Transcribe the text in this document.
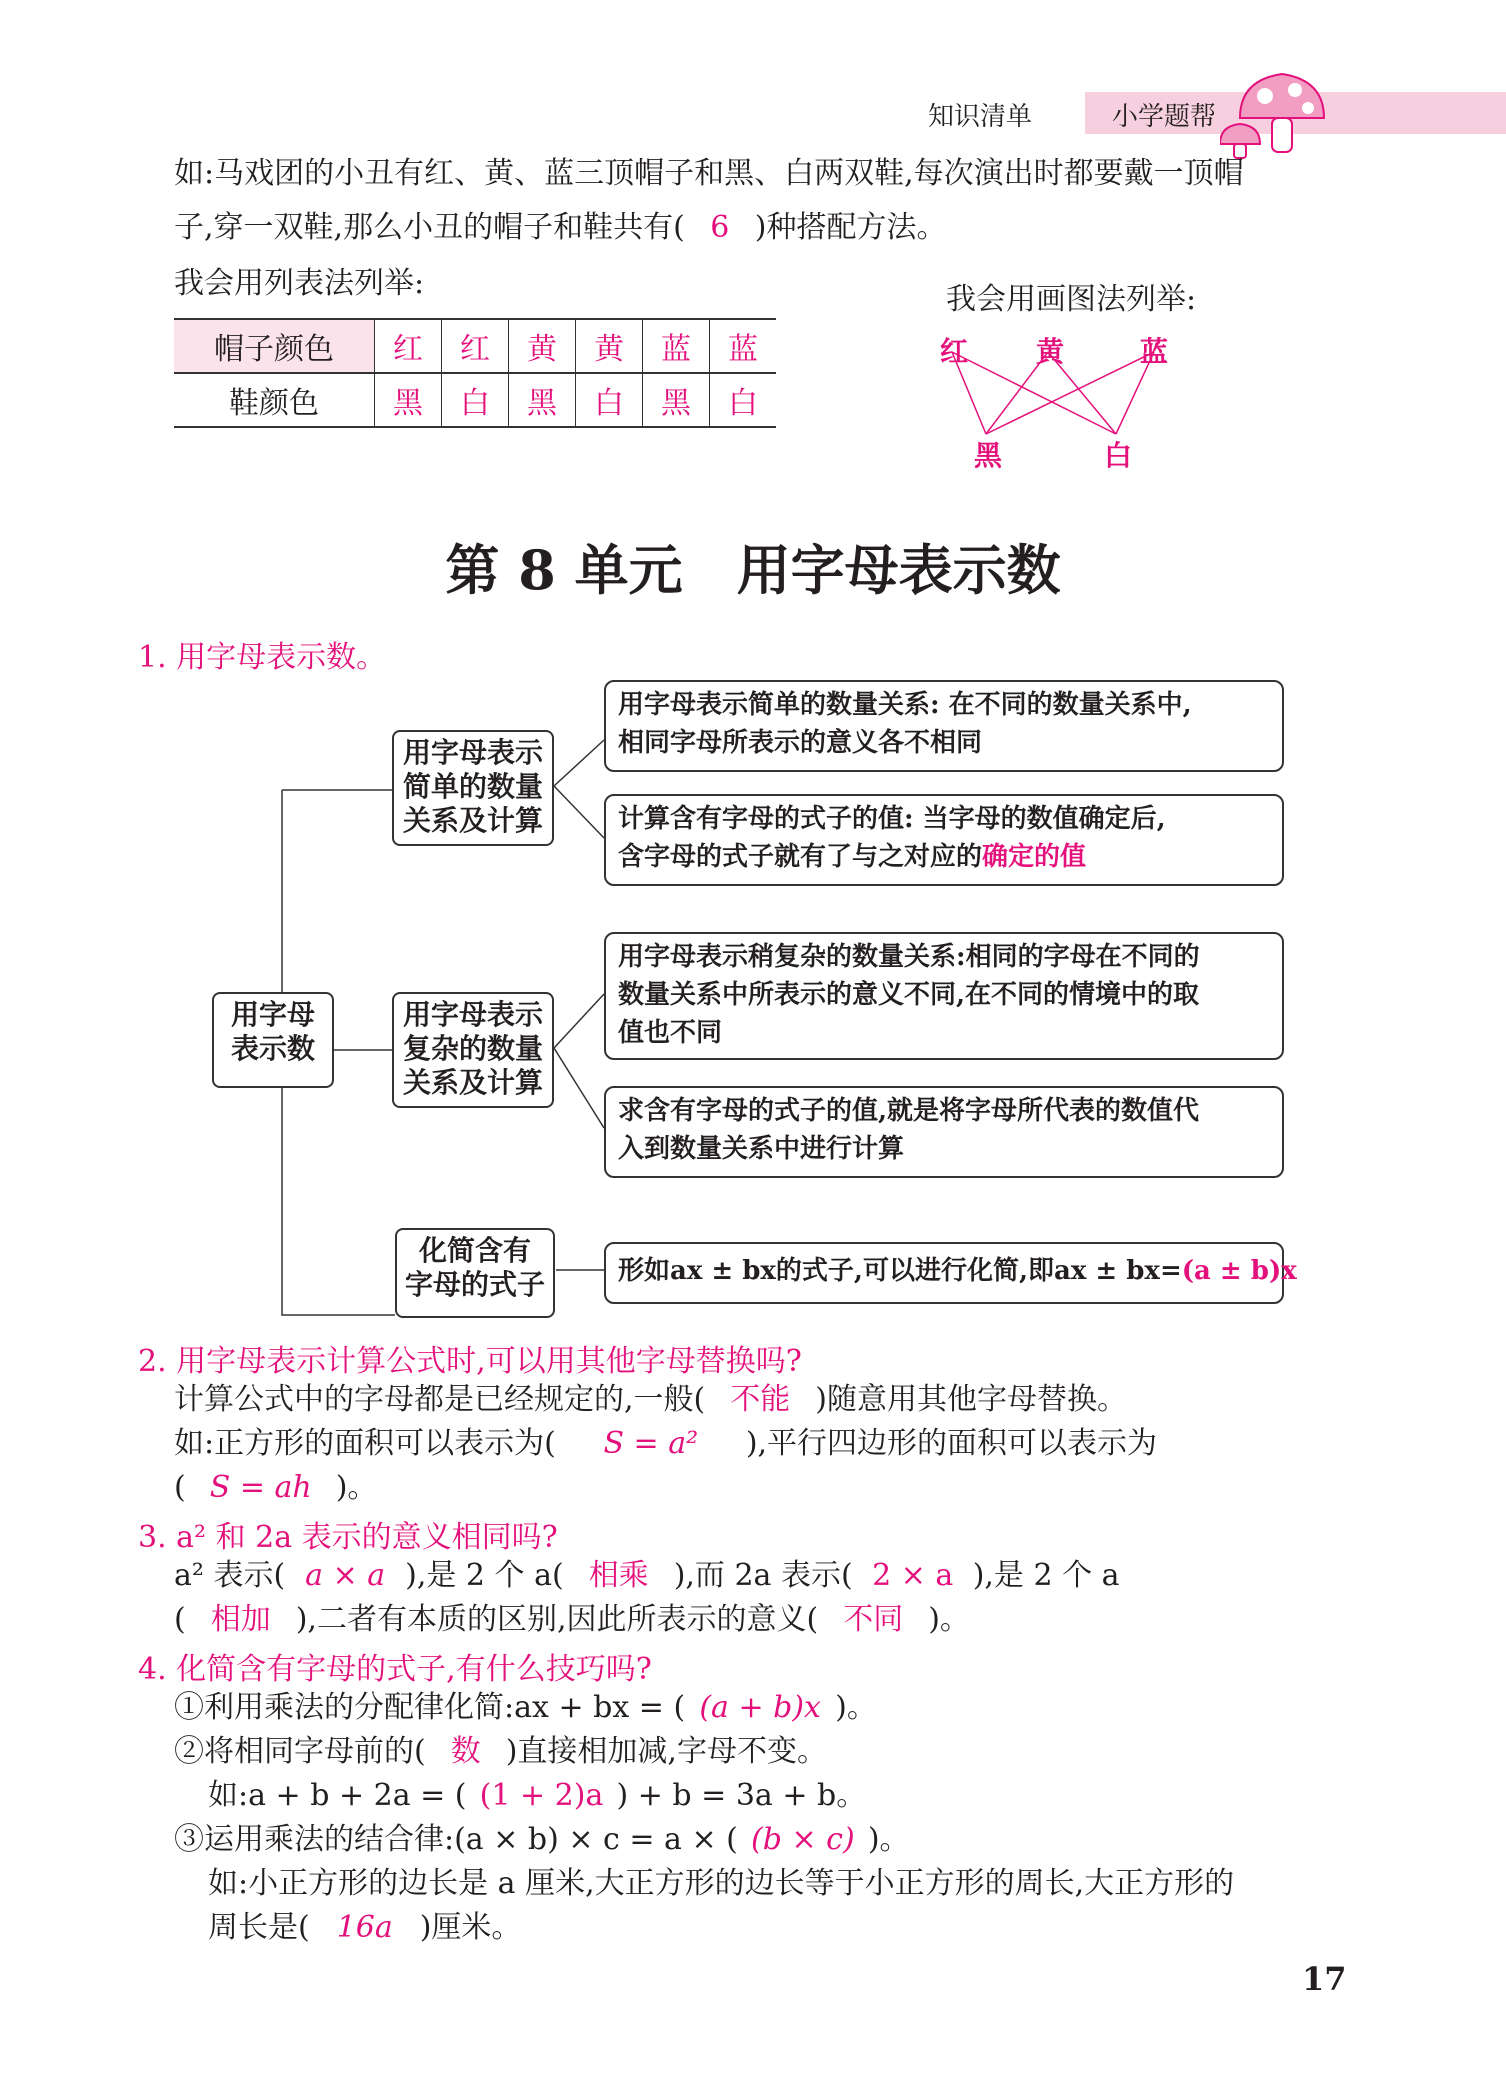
知识清单	小学题帮
如:马戏团的小丑有红、黄、蓝三顶帽子和黑、白两双鞋,每次演出时都要戴一顶帽
子,穿一双鞋,那么小丑的帽子和鞋共有( 6 )种搭配方法。
我会用列表法列举:	我会用画图法列举:
帽子颜色	红	红	黄	黄	蓝	蓝
鞋颜色	黑	白	黑	白	黑	白
红 黄	蓝
黑	白
第 8 单元　用字母表示数
1. 用字母表示数。
用字母
表示数
用字母表示
简单的数量
关系及计算
用字母表示
复杂的数量
关系及计算
化简含有
字母的式子
用字母表示简单的数量关系: 在不同的数量关系中,
相同字母所表示的意义各不相同
计算含有字母的式子的值: 当字母的数值确定后,
含字母的式子就有了与之对应的确定的值
用字母表示稍复杂的数量关系:相同的字母在不同的
数量关系中所表示的意义不同,在不同的情境中的取
值也不同
求含有字母的式子的值,就是将字母所代表的数值代
入到数量关系中进行计算
形如ax ± bx的式子,可以进行化简,即ax ± bx=(a ± b)x
2. 用字母表示计算公式时,可以用其他字母替换吗?
计算公式中的字母都是已经规定的,一般( 不能 )随意用其他字母替换。
如:正方形的面积可以表示为( S = a² ),平行四边形的面积可以表示为
( S = ah )。
3. a² 和 2a 表示的意义相同吗?
a² 表示( a × a ),是 2 个 a( 相乘 ),而 2a 表示( 2 × a ),是 2 个 a
( 相加 ),二者有本质的区别,因此所表示的意义( 不同 )。
4. 化简含有字母的式子,有什么技巧吗?
①利用乘法的分配律化简:ax + bx = ( (a + b)x )。
②将相同字母前的( 数 )直接相加减,字母不变。
如:a + b + 2a = ( (1 + 2)a ) + b = 3a + b。
③运用乘法的结合律:(a × b) × c = a × ( (b × c) )。
如:小正方形的边长是 a 厘米,大正方形的边长等于小正方形的周长,大正方形的
周长是( 16a )厘米。
17
